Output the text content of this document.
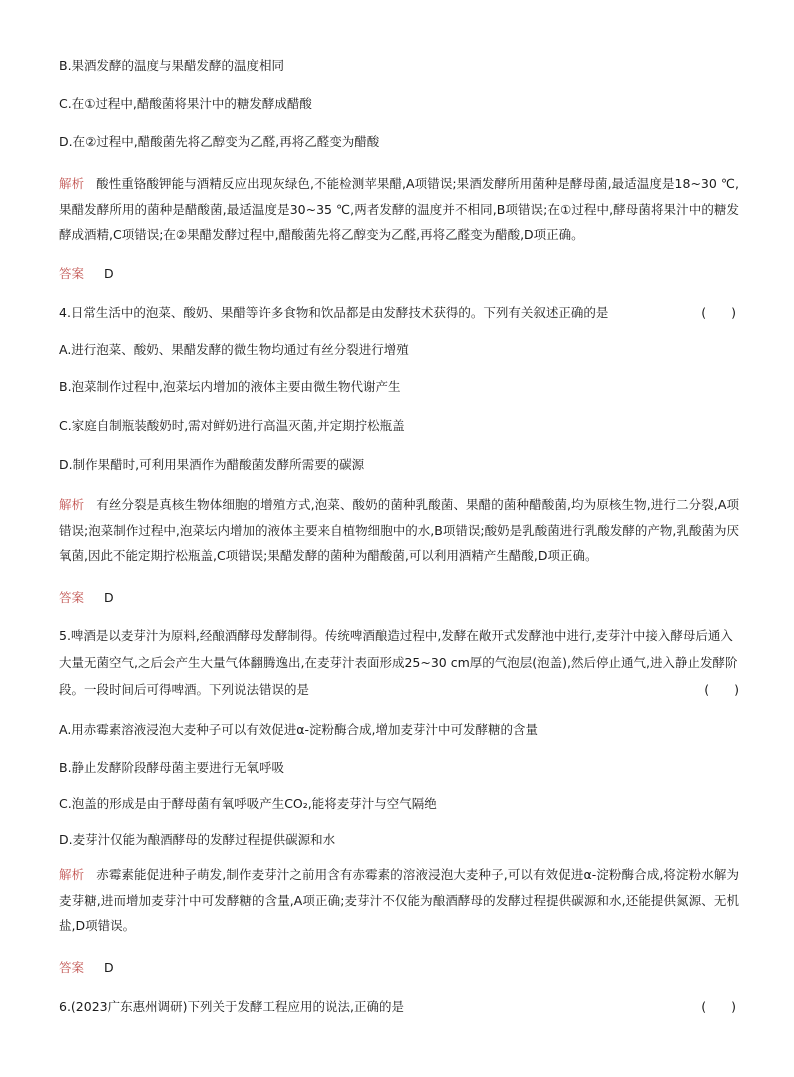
B.果酒发酵的温度与果醋发酵的温度相同
C.在①过程中,醋酸菌将果汁中的糖发酵成醋酸
D.在②过程中,醋酸菌先将乙醇变为乙醛,再将乙醛变为醋酸
解析 酸性重铬酸钾能与酒精反应出现灰绿色,不能检测苹果醋,A项错误;果酒发酵所用菌种是酵母菌,最适温度是18~30 ℃,果醋发酵所用的菌种是醋酸菌,最适温度是30~35 ℃,两者发酵的温度并不相同,B项错误;在①过程中,酵母菌将果汁中的糖发酵成酒精,C项错误;在②果醋发酵过程中,醋酸菌先将乙醇变为乙醛,再将乙醛变为醋酸,D项正确。
答案 D
4.日常生活中的泡菜、酸奶、果醋等许多食物和饮品都是由发酵技术获得的。下列有关叙述正确的是	(　　)
A.进行泡菜、酸奶、果醋发酵的微生物均通过有丝分裂进行增殖
B.泡菜制作过程中,泡菜坛内增加的液体主要由微生物代谢产生
C.家庭自制瓶装酸奶时,需对鲜奶进行高温灭菌,并定期拧松瓶盖
D.制作果醋时,可利用果酒作为醋酸菌发酵所需要的碳源
解析 有丝分裂是真核生物体细胞的增殖方式,泡菜、酸奶的菌种乳酸菌、果醋的菌种醋酸菌,均为原核生物,进行二分裂,A项错误;泡菜制作过程中,泡菜坛内增加的液体主要来自植物细胞中的水,B项错误;酸奶是乳酸菌进行乳酸发酵的产物,乳酸菌为厌氧菌,因此不能定期拧松瓶盖,C项错误;果醋发酵的菌种为醋酸菌,可以利用酒精产生醋酸,D项正确。
答案 D
5.啤酒是以麦芽汁为原料,经酿酒酵母发酵制得。传统啤酒酿造过程中,发酵在敞开式发酵池中进行,麦芽汁中接入酵母后通入大量无菌空气,之后会产生大量气体翻腾逸出,在麦芽汁表面形成25~30 cm厚的气泡层(泡盖),然后停止通气,进入静止发酵阶段。一段时间后可得啤酒。下列说法错误的是	(　　)
A.用赤霉素溶液浸泡大麦种子可以有效促进α-淀粉酶合成,增加麦芽汁中可发酵糖的含量
B.静止发酵阶段酵母菌主要进行无氧呼吸
C.泡盖的形成是由于酵母菌有氧呼吸产生CO₂,能将麦芽汁与空气隔绝
D.麦芽汁仅能为酿酒酵母的发酵过程提供碳源和水
解析 赤霉素能促进种子萌发,制作麦芽汁之前用含有赤霉素的溶液浸泡大麦种子,可以有效促进α-淀粉酶合成,将淀粉水解为麦芽糖,进而增加麦芽汁中可发酵糖的含量,A项正确;麦芽汁不仅能为酿酒酵母的发酵过程提供碳源和水,还能提供氮源、无机盐,D项错误。
答案 D
6.(2023广东惠州调研)下列关于发酵工程应用的说法,正确的是	(　　)
